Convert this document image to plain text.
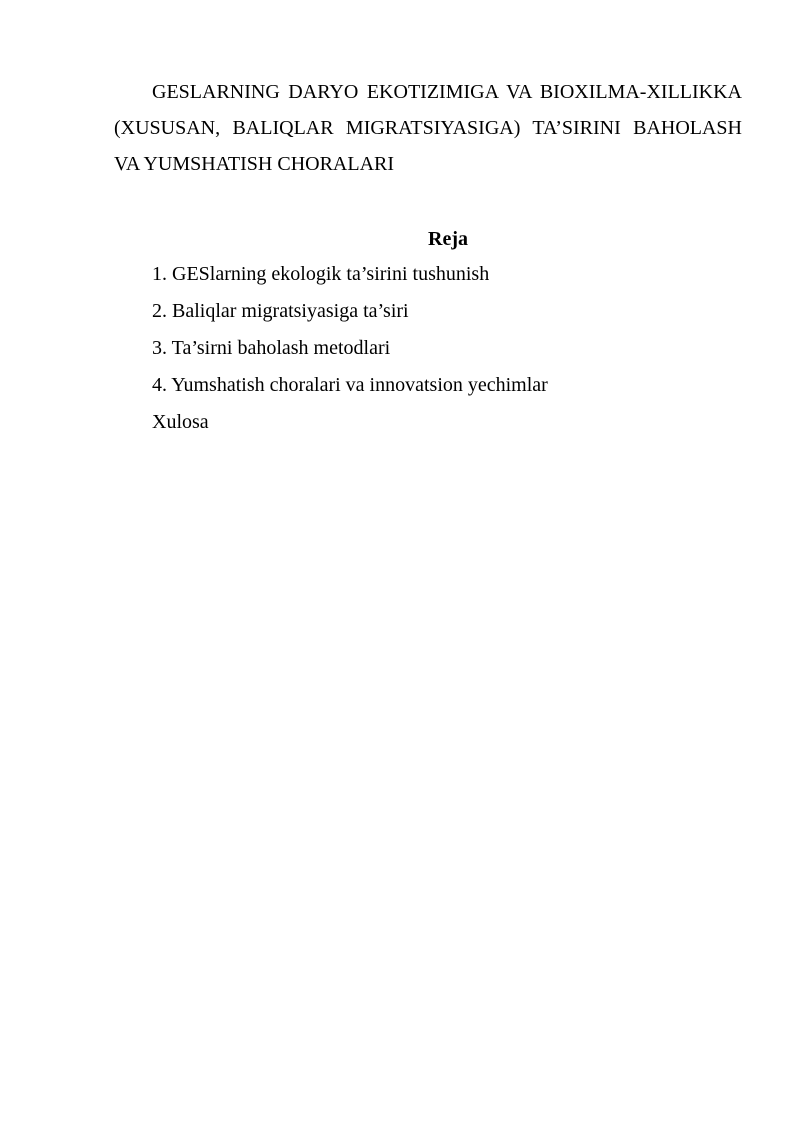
GESLARNING DARYO EKOTIZIMIGA VA BIOXILMA-XILLIKKA (XUSUSAN, BALIQLAR MIGRATSIYASIGA) TA’SIRINI BAHOLASH VA YUMSHATISH CHORALARI
Reja
1. GESlarning ekologik ta’sirini tushunish
2. Baliqlar migratsiyasiga ta’siri
3. Ta’sirni baholash metodlari
4. Yumshatish choralari va innovatsion yechimlar
Xulosa
